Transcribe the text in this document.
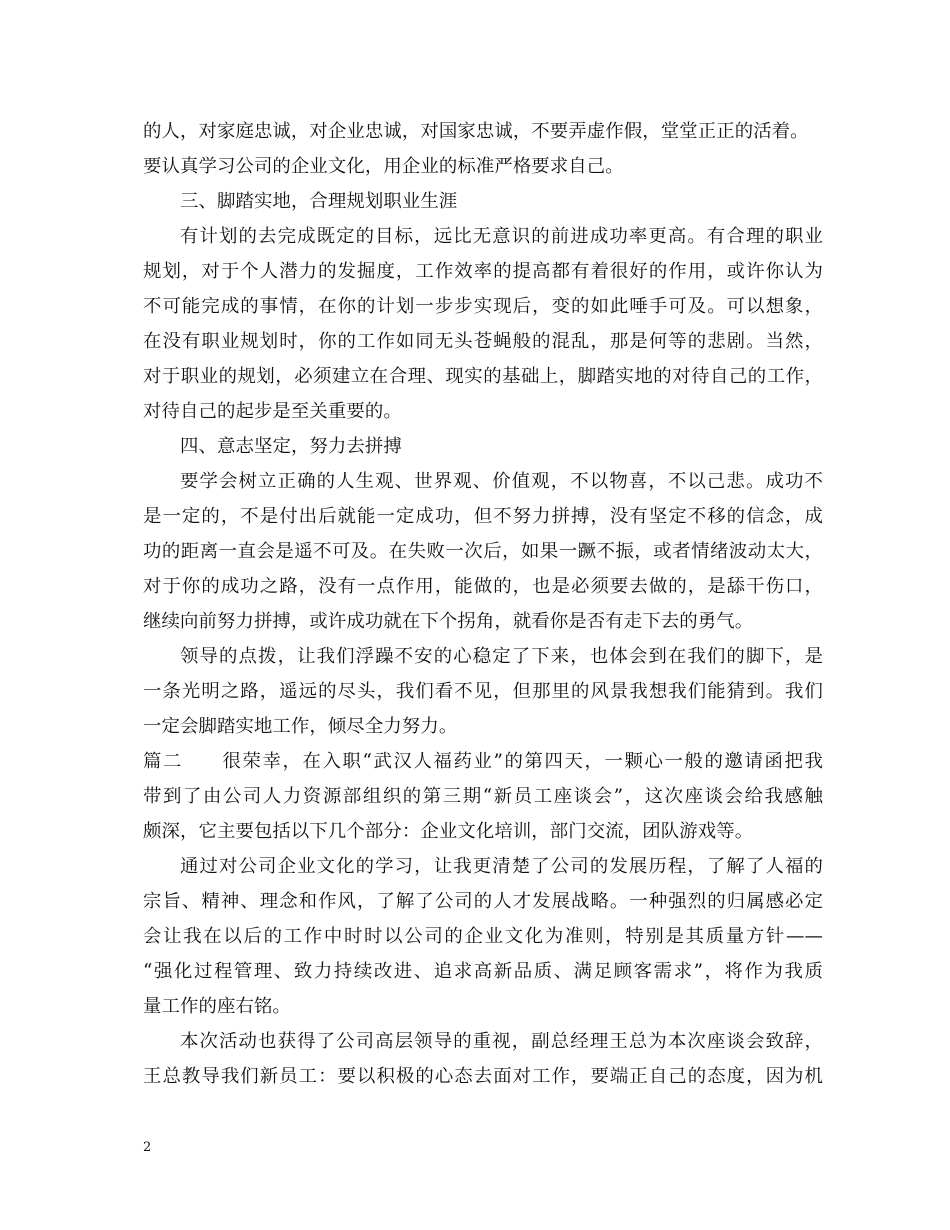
的人，对家庭忠诚，对企业忠诚，对国家忠诚，不要弄虚作假，堂堂正正的活着。
要认真学习公司的企业文化，用企业的标准严格要求自己。
三、脚踏实地，合理规划职业生涯
有计划的去完成既定的目标，远比无意识的前进成功率更高。有合理的职业
规划，对于个人潜力的发掘度，工作效率的提高都有着很好的作用，或许你认为
不可能完成的事情，在你的计划一步步实现后，变的如此唾手可及。可以想象，
在没有职业规划时，你的工作如同无头苍蝇般的混乱，那是何等的悲剧。当然，
对于职业的规划，必须建立在合理、现实的基础上，脚踏实地的对待自己的工作，
对待自己的起步是至关重要的。
四、意志坚定，努力去拼搏
要学会树立正确的人生观、世界观、价值观，不以物喜，不以己悲。成功不
是一定的，不是付出后就能一定成功，但不努力拼搏，没有坚定不移的信念，成
功的距离一直会是遥不可及。在失败一次后，如果一蹶不振，或者情绪波动太大，
对于你的成功之路，没有一点作用，能做的，也是必须要去做的，是舔干伤口，
继续向前努力拼搏，或许成功就在下个拐角，就看你是否有走下去的勇气。
领导的点拨，让我们浮躁不安的心稳定了下来，也体会到在我们的脚下，是
一条光明之路，遥远的尽头，我们看不见，但那里的风景我想我们能猜到。我们
一定会脚踏实地工作，倾尽全力努力。
篇二 很荣幸，在入职“武汉人福药业”的第四天，一颗心一般的邀请函把我
带到了由公司人力资源部组织的第三期“新员工座谈会”，这次座谈会给我感触
颇深，它主要包括以下几个部分：企业文化培训，部门交流，团队游戏等。
通过对公司企业文化的学习，让我更清楚了公司的发展历程，了解了人福的
宗旨、精神、理念和作风，了解了公司的人才发展战略。一种强烈的归属感必定
会让我在以后的工作中时时以公司的企业文化为准则，特别是其质量方针——
“强化过程管理、致力持续改进、追求高新品质、满足顾客需求”，将作为我质
量工作的座右铭。
本次活动也获得了公司高层领导的重视，副总经理王总为本次座谈会致辞，
王总教导我们新员工：要以积极的心态去面对工作，要端正自己的态度，因为机
2
